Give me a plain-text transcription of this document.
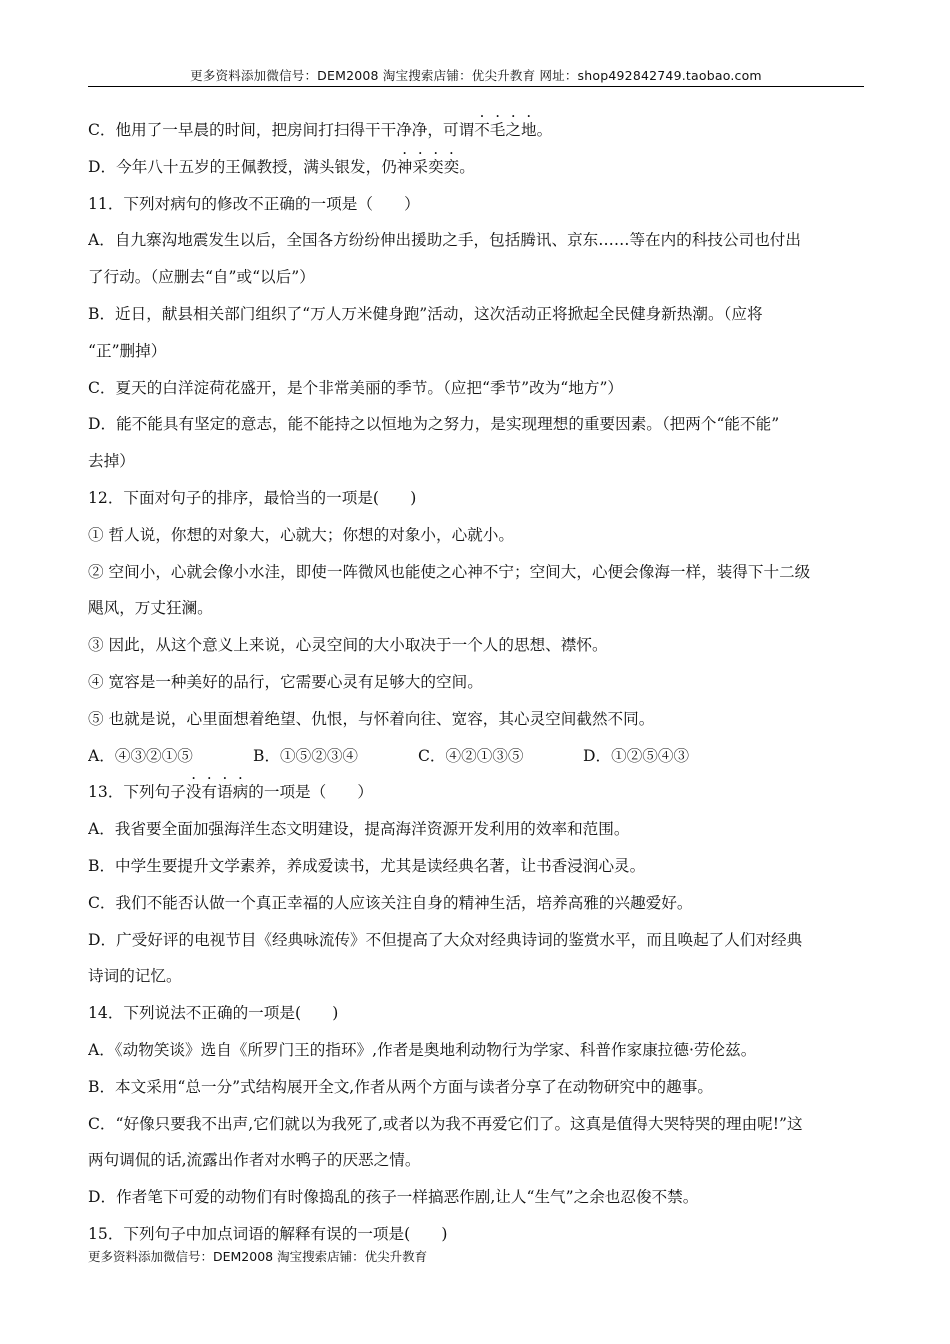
更多资料添加微信号：DEM2008 淘宝搜索店铺：优尖升教育 网址：shop492842749.taobao.com
C．他用了一早晨的时间，把房间打扫得干干净净，可谓不毛之地。
D．今年八十五岁的王佩教授，满头银发，仍神采奕奕。
11．下列对病句的修改不正确的一项是（　　）
A．自九寨沟地震发生以后，全国各方纷纷伸出援助之手，包括腾讯、京东……等在内的科技公司也付出
了行动。（应删去“自”或“以后”）
B．近日，献县相关部门组织了“万人万米健身跑”活动，这次活动正将掀起全民健身新热潮。（应将
“正”删掉）
C．夏天的白洋淀荷花盛开，是个非常美丽的季节。（应把“季节”改为“地方”）
D．能不能具有坚定的意志，能不能持之以恒地为之努力，是实现理想的重要因素。（把两个“能不能”
去掉）
12．下面对句子的排序，最恰当的一项是(　　)
① 哲人说，你想的对象大，心就大；你想的对象小，心就小。
② 空间小，心就会像小水洼，即使一阵微风也能使之心神不宁；空间大，心便会像海一样，装得下十二级
飓风，万丈狂澜。
③ 因此，从这个意义上来说，心灵空间的大小取决于一个人的思想、襟怀。
④ 宽容是一种美好的品行，它需要心灵有足够大的空间。
⑤ 也就是说，心里面想着绝望、仇恨，与怀着向往、宽容，其心灵空间截然不同。
A．④③②①⑤	B．①⑤②③④	C．④②①③⑤	D．①②⑤④③
13．下列句子没有语病的一项是（　　）
A．我省要全面加强海洋生态文明建设，提高海洋资源开发利用的效率和范围。
B．中学生要提升文学素养，养成爱读书，尤其是读经典名著，让书香浸润心灵。
C．我们不能否认做一个真正幸福的人应该关注自身的精神生活，培养高雅的兴趣爱好。
D．广受好评的电视节目《经典咏流传》不但提高了大众对经典诗词的鉴赏水平，而且唤起了人们对经典
诗词的记忆。
14．下列说法不正确的一项是(　　)
A．《动物笑谈》选自《所罗门王的指环》,作者是奥地利动物行为学家、科普作家康拉德·劳伦兹。
B．本文采用“总一分”式结构展开全文,作者从两个方面与读者分享了在动物研究中的趣事。
C．“好像只要我不出声,它们就以为我死了,或者以为我不再爱它们了。这真是值得大哭特哭的理由呢!”这
两句调侃的话,流露出作者对水鸭子的厌恶之情。
D．作者笔下可爱的动物们有时像捣乱的孩子一样搞恶作剧,让人“生气”之余也忍俊不禁。
15．下列句子中加点词语的解释有误的一项是(　　)
更多资料添加微信号：DEM2008 淘宝搜索店铺：优尖升教育
